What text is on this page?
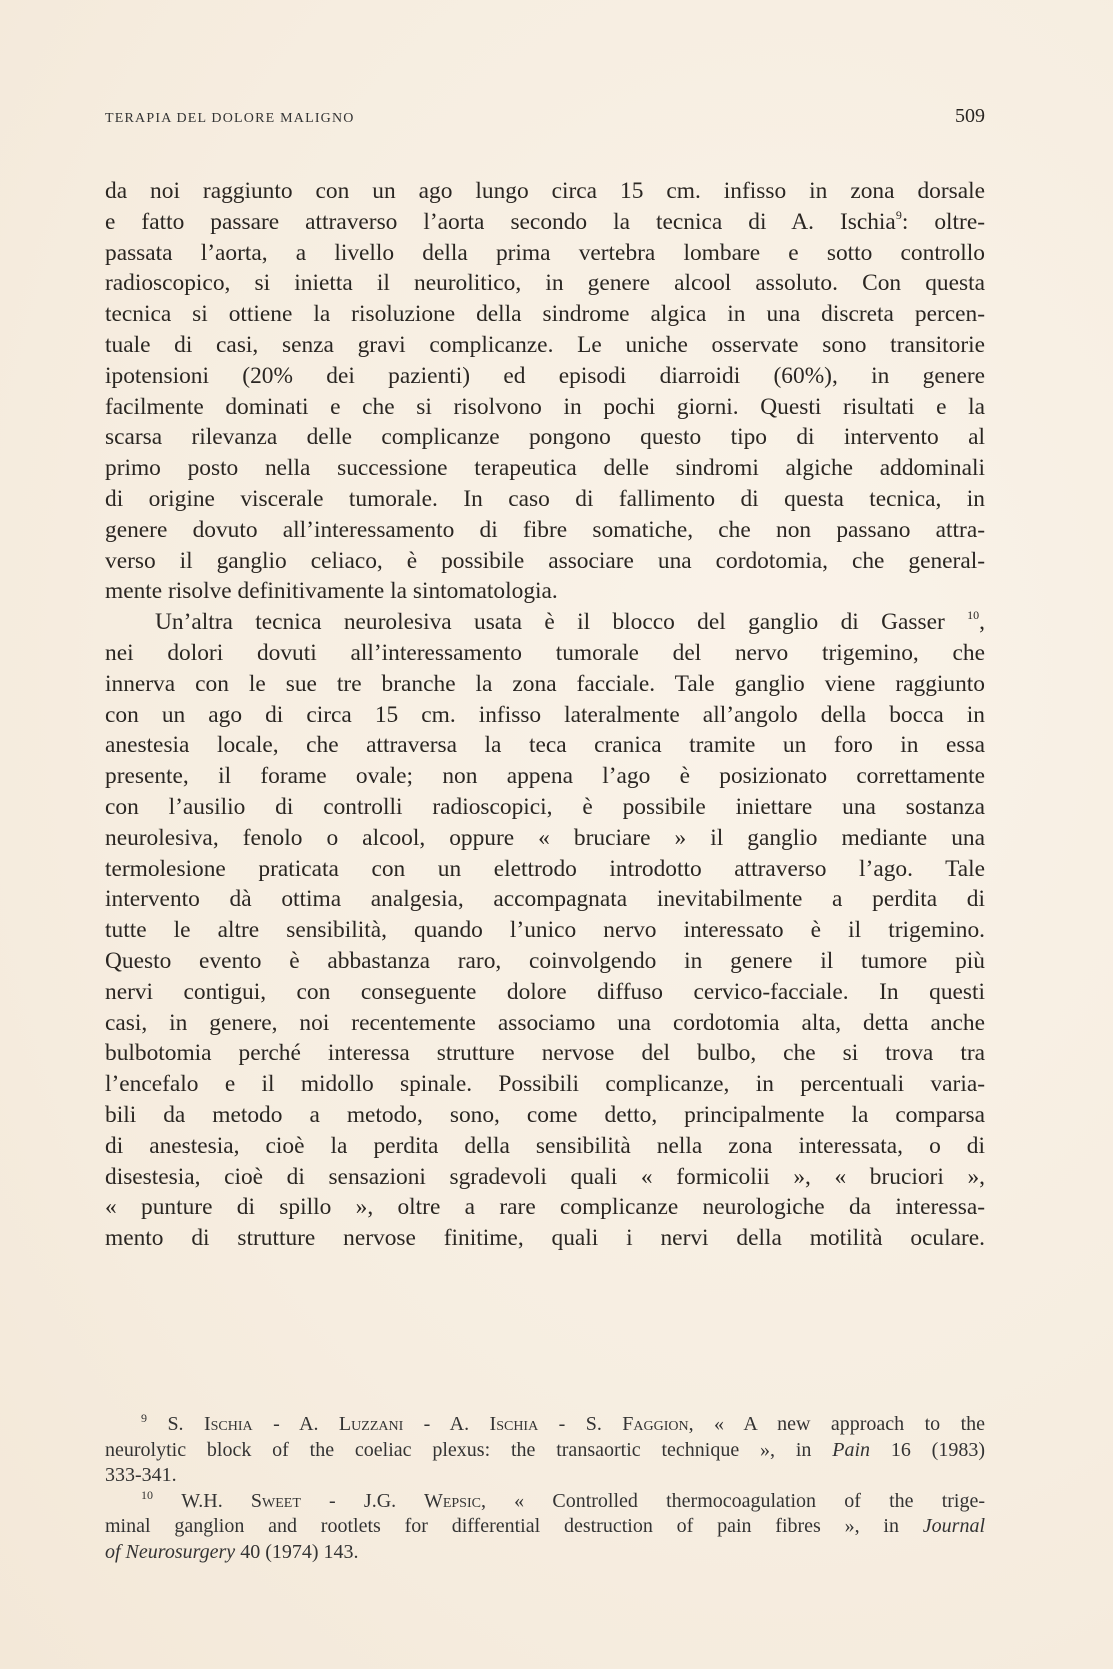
TERAPIA DEL DOLORE MALIGNO	509
da noi raggiunto con un ago lungo circa 15 cm. infisso in zona dorsale
e fatto passare attraverso l’aorta secondo la tecnica di A. Ischia$^9$: oltre-
passata l’aorta, a livello della prima vertebra lombare e sotto controllo
radioscopico, si inietta il neurolitico, in genere alcool assoluto. Con questa
tecnica si ottiene la risoluzione della sindrome algica in una discreta percen-
tuale di casi, senza gravi complicanze. Le uniche osservate sono transitorie
ipotensioni (20% dei pazienti) ed episodi diarroidi (60%), in genere
facilmente dominati e che si risolvono in pochi giorni. Questi risultati e la
scarsa rilevanza delle complicanze pongono questo tipo di intervento al
primo posto nella successione terapeutica delle sindromi algiche addominali
di origine viscerale tumorale. In caso di fallimento di questa tecnica, in
genere dovuto all’interessamento di fibre somatiche, che non passano attra-
verso il ganglio celiaco, è possibile associare una cordotomia, che general-
mente risolve definitivamente la sintomatologia.
Un’altra tecnica neurolesiva usata è il blocco del ganglio di Gasser $^{10}$,
nei dolori dovuti all’interessamento tumorale del nervo trigemino, che
innerva con le sue tre branche la zona facciale. Tale ganglio viene raggiunto
con un ago di circa 15 cm. infisso lateralmente all’angolo della bocca in
anestesia locale, che attraversa la teca cranica tramite un foro in essa
presente, il forame ovale; non appena l’ago è posizionato correttamente
con l’ausilio di controlli radioscopici, è possibile iniettare una sostanza
neurolesiva, fenolo o alcool, oppure « bruciare » il ganglio mediante una
termolesione praticata con un elettrodo introdotto attraverso l’ago. Tale
intervento dà ottima analgesia, accompagnata inevitabilmente a perdita di
tutte le altre sensibilità, quando l’unico nervo interessato è il trigemino.
Questo evento è abbastanza raro, coinvolgendo in genere il tumore più
nervi contigui, con conseguente dolore diffuso cervico-facciale. In questi
casi, in genere, noi recentemente associamo una cordotomia alta, detta anche
bulbotomia perché interessa strutture nervose del bulbo, che si trova tra
l’encefalo e il midollo spinale. Possibili complicanze, in percentuali varia-
bili da metodo a metodo, sono, come detto, principalmente la comparsa
di anestesia, cioè la perdita della sensibilità nella zona interessata, o di
disestesia, cioè di sensazioni sgradevoli quali « formicolii », « bruciori »,
« punture di spillo », oltre a rare complicanze neurologiche da interessa-
mento di strutture nervose finitime, quali i nervi della motilità oculare.
$^9$ S. Ischia - A. Luzzani - A. Ischia - S. Faggion, « A new approach to the
neurolytic block of the coeliac plexus: the transaortic technique », in Pain 16 (1983)
333-341.
$^{10}$ W.H. Sweet - J.G. Wepsic, « Controlled thermocoagulation of the trige-
minal ganglion and rootlets for differential destruction of pain fibres », in Journal
of Neurosurgery 40 (1974) 143.
